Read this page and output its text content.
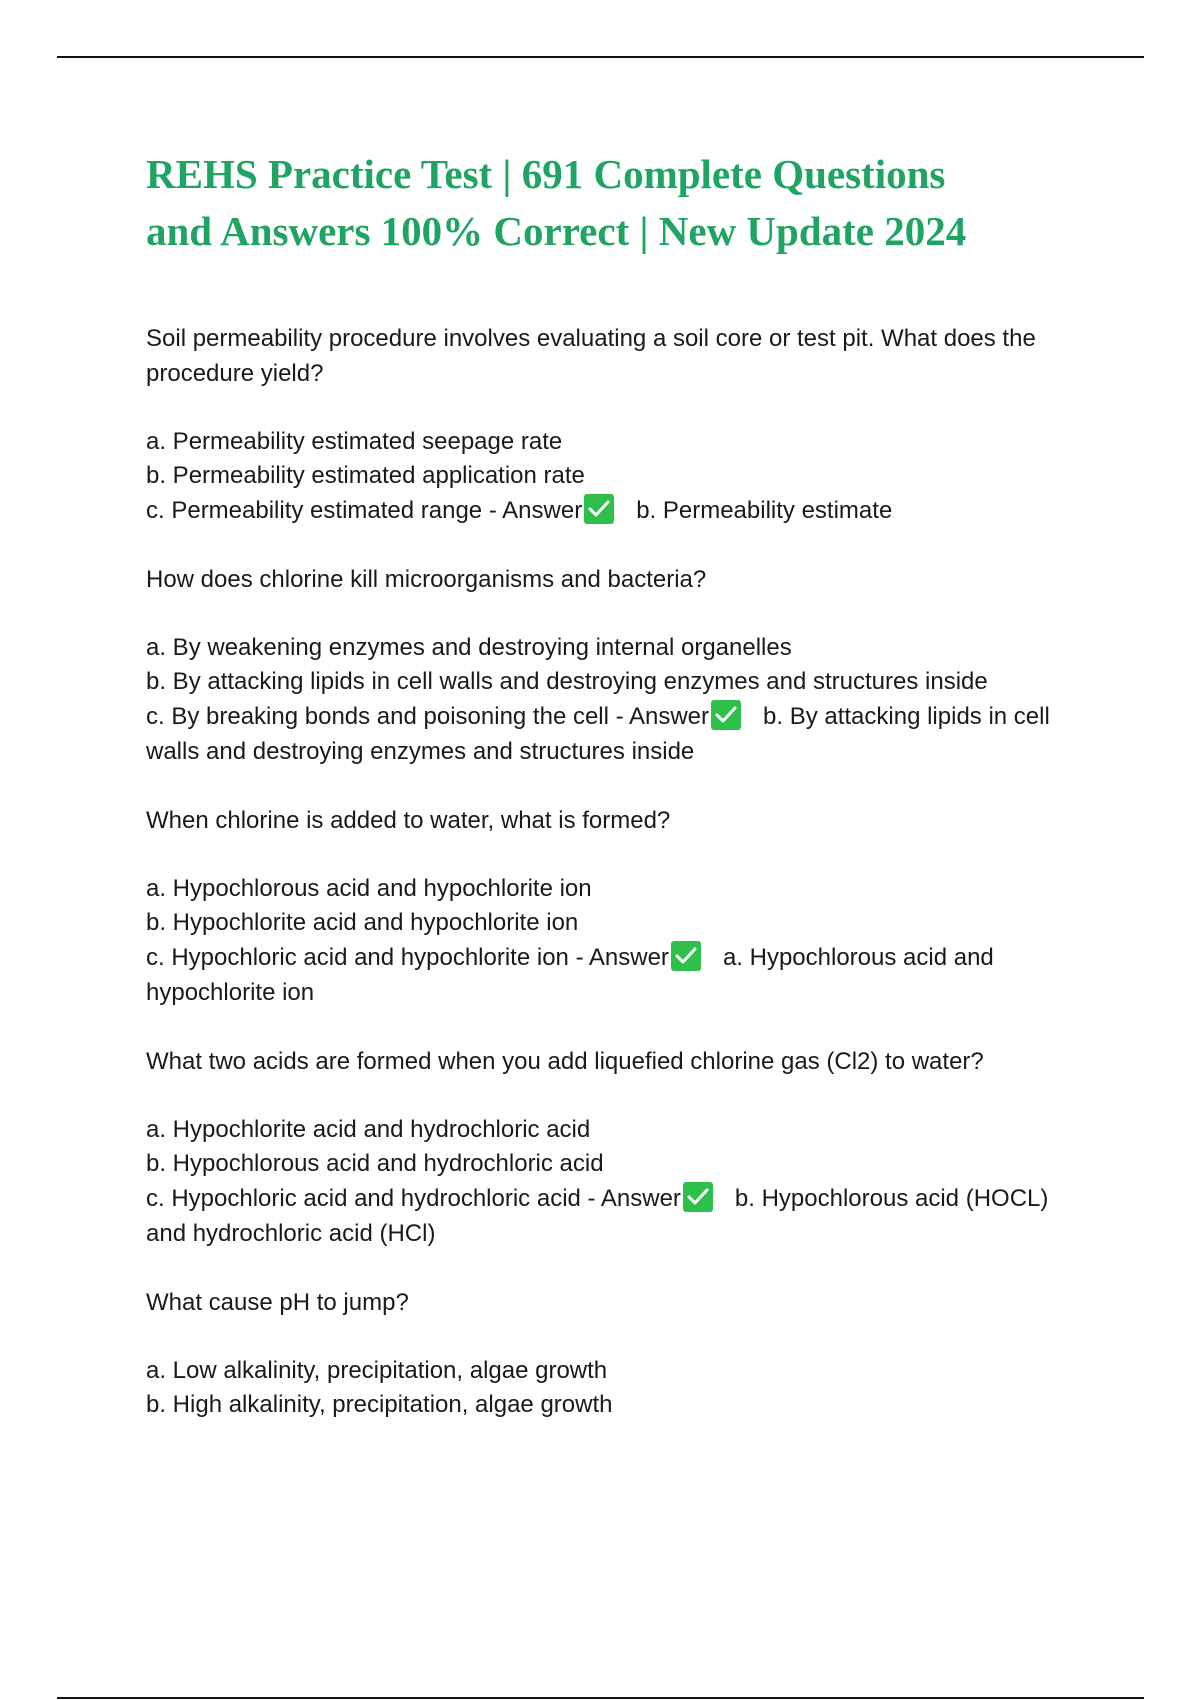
REHS Practice Test | 691 Complete Questions
and Answers 100% Correct | New Update 2024

Soil permeability procedure involves evaluating a soil core or test pit. What does the procedure yield?

a. Permeability estimated seepage rate

b. Permeability estimated application rate

c. Permeability estimated range - Answer b. Permeability estimate

How does chlorine kill microorganisms and bacteria?

a. By weakening enzymes and destroying internal organelles

b. By attacking lipids in cell walls and destroying enzymes and structures inside

c. By breaking bonds and poisoning the cell - Answer b. By attacking lipids in cell walls and destroying enzymes and structures inside

When chlorine is added to water, what is formed?

a. Hypochlorous acid and hypochlorite ion

b. Hypochlorite acid and hypochlorite ion

c. Hypochloric acid and hypochlorite ion - Answer a. Hypochlorous acid and hypochlorite ion

What two acids are formed when you add liquefied chlorine gas (Cl2) to water?

a. Hypochlorite acid and hydrochloric acid

b. Hypochlorous acid and hydrochloric acid

c. Hypochloric acid and hydrochloric acid - Answer b. Hypochlorous acid (HOCL) and hydrochloric acid (HCl)

What cause pH to jump?

a. Low alkalinity, precipitation, algae growth

b. High alkalinity, precipitation, algae growth
